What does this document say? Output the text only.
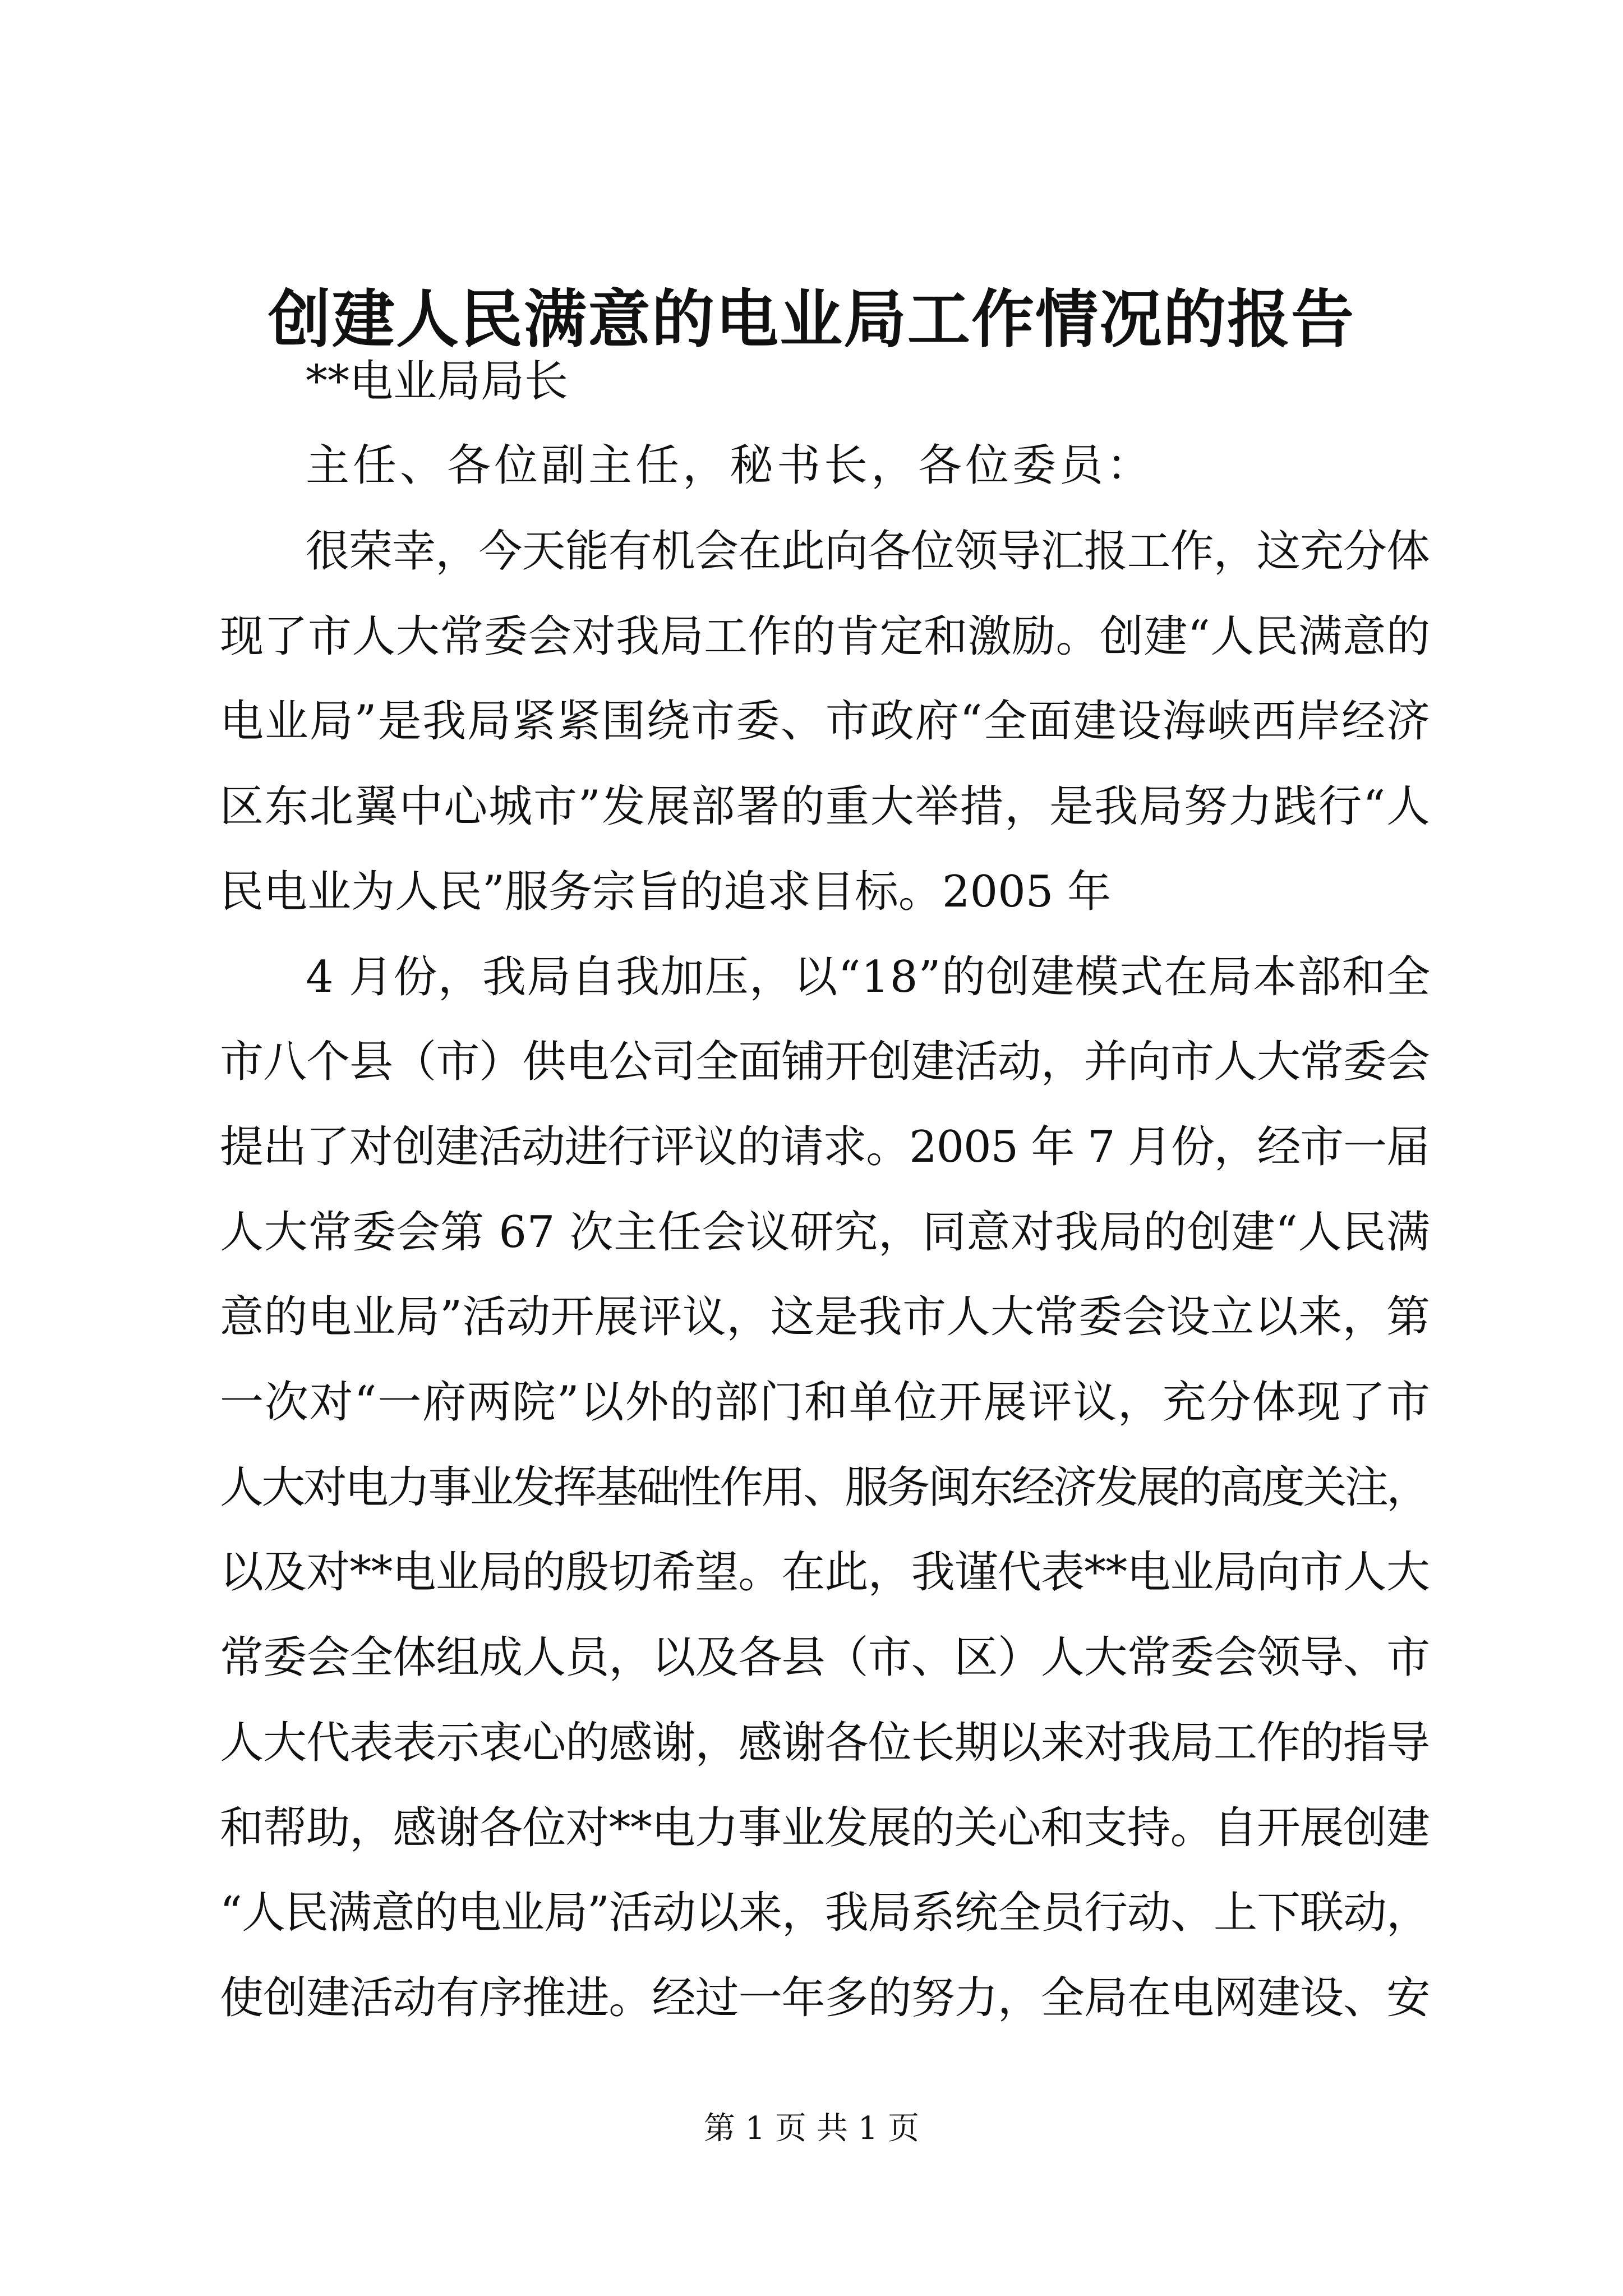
创建人民满意的电业局工作情况的报告
**电业局局长
主任、各位副主任，秘书长，各位委员：
很荣幸，今天能有机会在此向各位领导汇报工作，这充分体
现了市人大常委会对我局工作的肯定和激励。创建“人民满意的
电业局”是我局紧紧围绕市委、市政府“全面建设海峡西岸经济
区东北翼中心城市”发展部署的重大举措，是我局努力践行“人
民电业为人民”服务宗旨的追求目标。2005 年
4 月份，我局自我加压，以“18”的创建模式在局本部和全
市八个县（市）供电公司全面铺开创建活动，并向市人大常委会
提出了对创建活动进行评议的请求。2005 年 7 月份，经市一届
人大常委会第 67 次主任会议研究，同意对我局的创建“人民满
意的电业局”活动开展评议，这是我市人大常委会设立以来，第
一次对“一府两院”以外的部门和单位开展评议，充分体现了市
人大对电力事业发挥基础性作用、服务闽东经济发展的高度关注，
以及对**电业局的殷切希望。在此，我谨代表**电业局向市人大
常委会全体组成人员，以及各县（市、区）人大常委会领导、市
人大代表表示衷心的感谢，感谢各位长期以来对我局工作的指导
和帮助，感谢各位对**电力事业发展的关心和支持。自开展创建
“人民满意的电业局”活动以来，我局系统全员行动、上下联动，
使创建活动有序推进。经过一年多的努力，全局在电网建设、安
第 1 页 共 1 页
